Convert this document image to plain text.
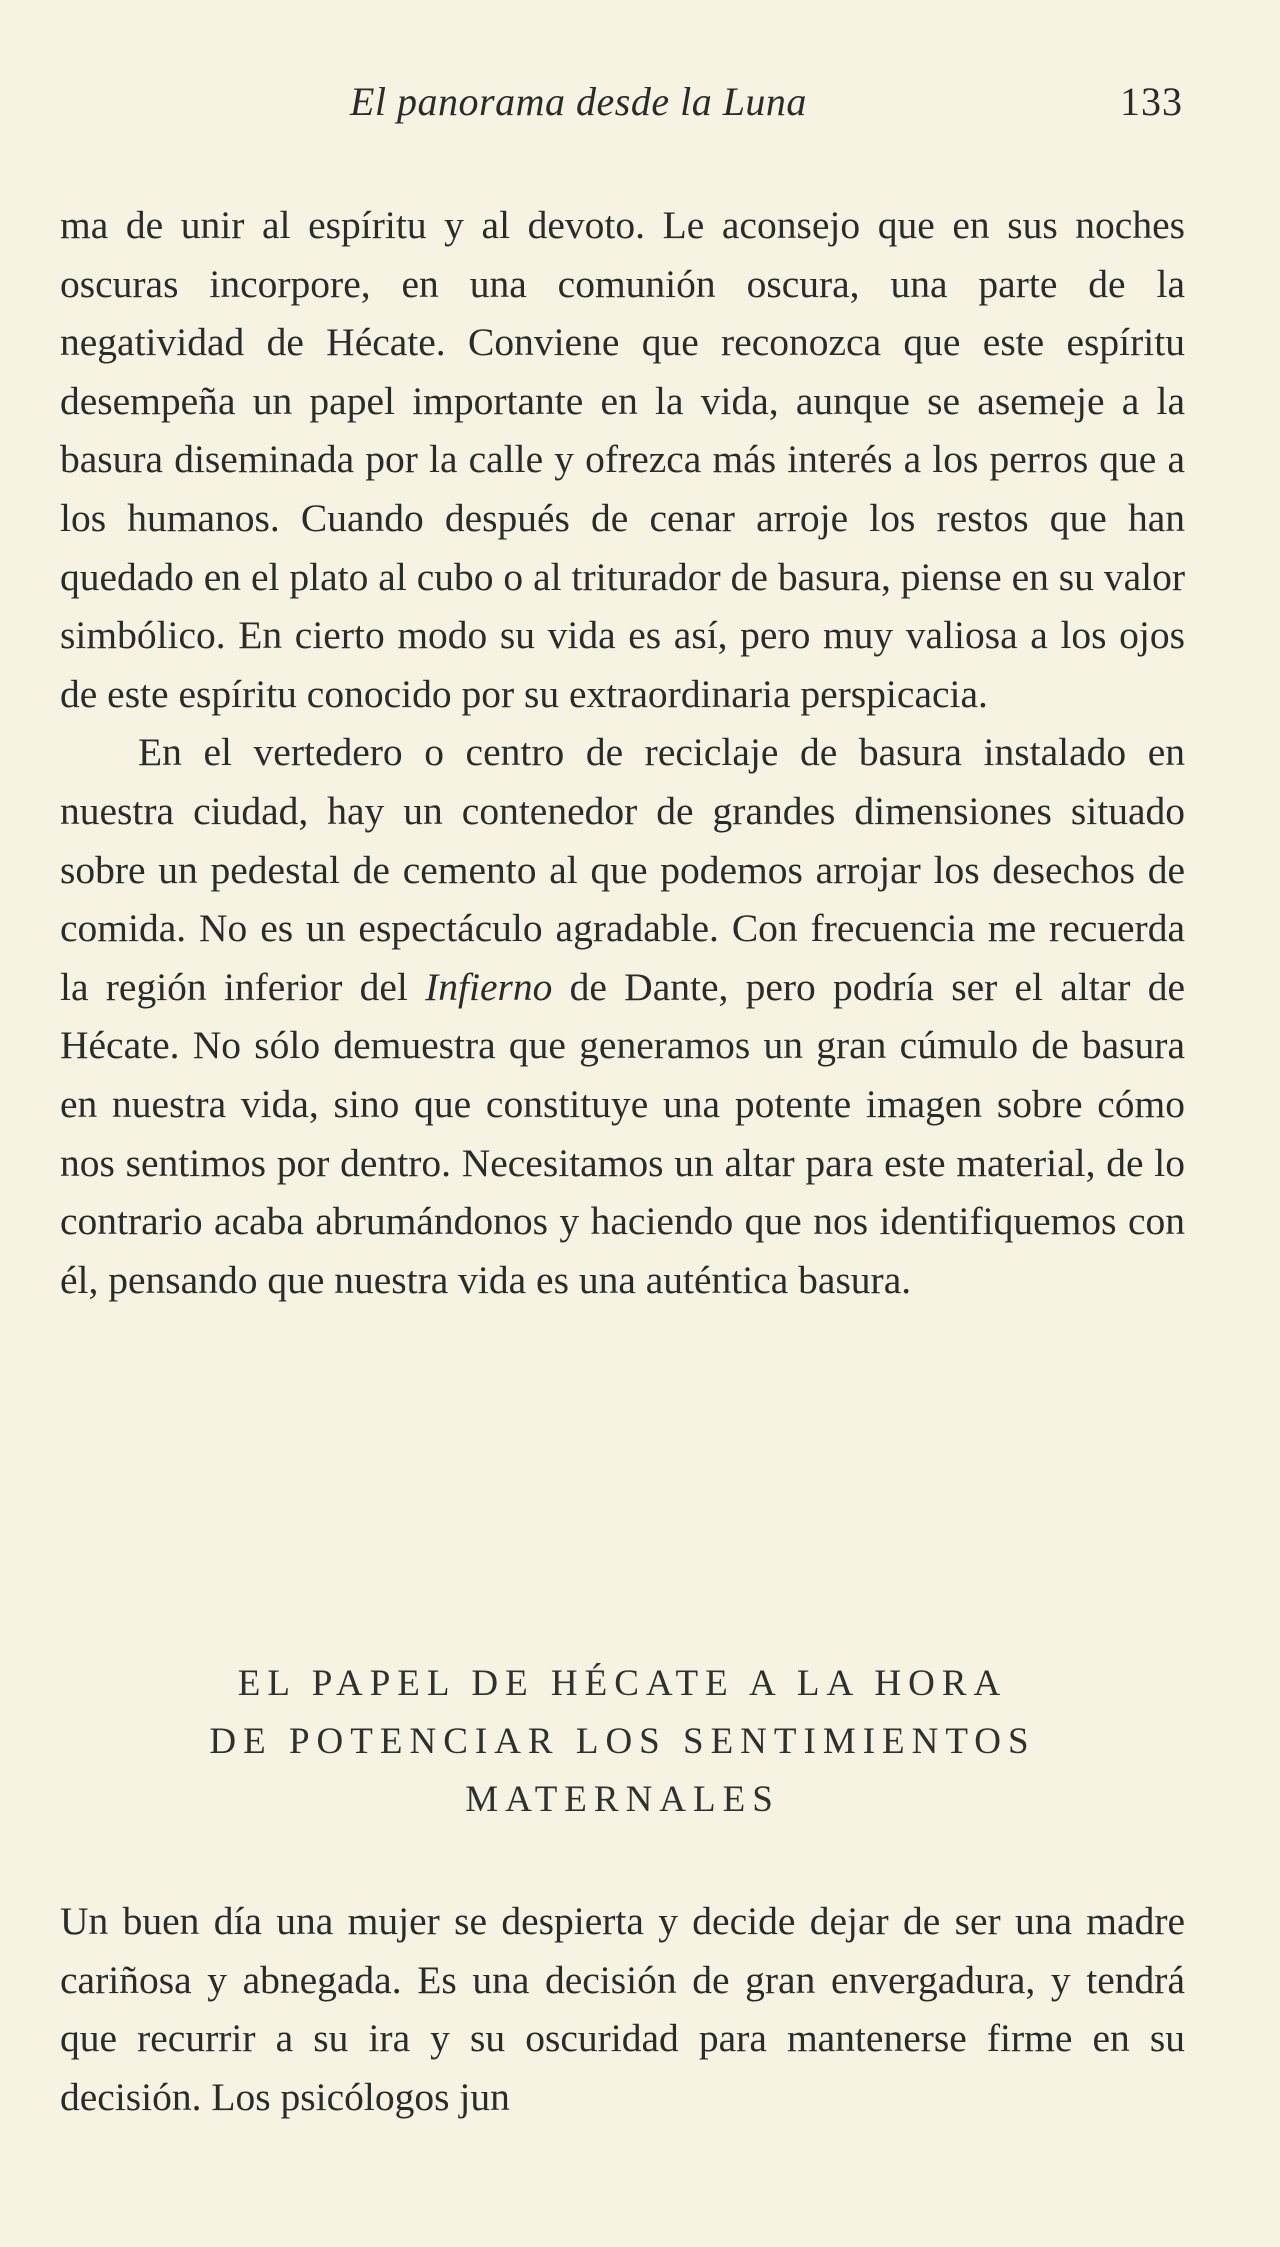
El panorama desde la Luna	133

ma de unir al espíritu y al devoto. Le aconsejo que en sus noches oscuras incorpore, en una comunión oscura, una parte de la negatividad de Hécate. Conviene que reconozca que este espíritu desempeña un papel importante en la vida, aunque se asemeje a la basura diseminada por la calle y ofrezca más interés a los perros que a los humanos. Cuando después de cenar arroje los restos que han quedado en el plato al cubo o al triturador de basura, piense en su valor simbólico. En cierto modo su vida es así, pero muy valiosa a los ojos de este espíritu conocido por su extraordinaria perspicacia.

En el vertedero o centro de reciclaje de basura instalado en nuestra ciudad, hay un contenedor de grandes dimensiones situado sobre un pedestal de cemento al que podemos arrojar los desechos de comida. No es un espectáculo agradable. Con frecuencia me recuerda la región inferior del Infierno de Dante, pero podría ser el altar de Hécate. No sólo demuestra que generamos un gran cúmulo de basura en nuestra vida, sino que constituye una potente imagen sobre cómo nos sentimos por dentro. Necesitamos un altar para este material, de lo contrario acaba abrumándonos y haciendo que nos identifiquemos con él, pensando que nuestra vida es una auténtica basura.

EL PAPEL DE HÉCATE A LA HORA
DE POTENCIAR LOS SENTIMIENTOS
MATERNALES

Un buen día una mujer se despierta y decide dejar de ser una madre cariñosa y abnegada. Es una decisión de gran envergadura, y tendrá que recurrir a su ira y su oscuridad para mantenerse firme en su decisión. Los psicólogos jun
